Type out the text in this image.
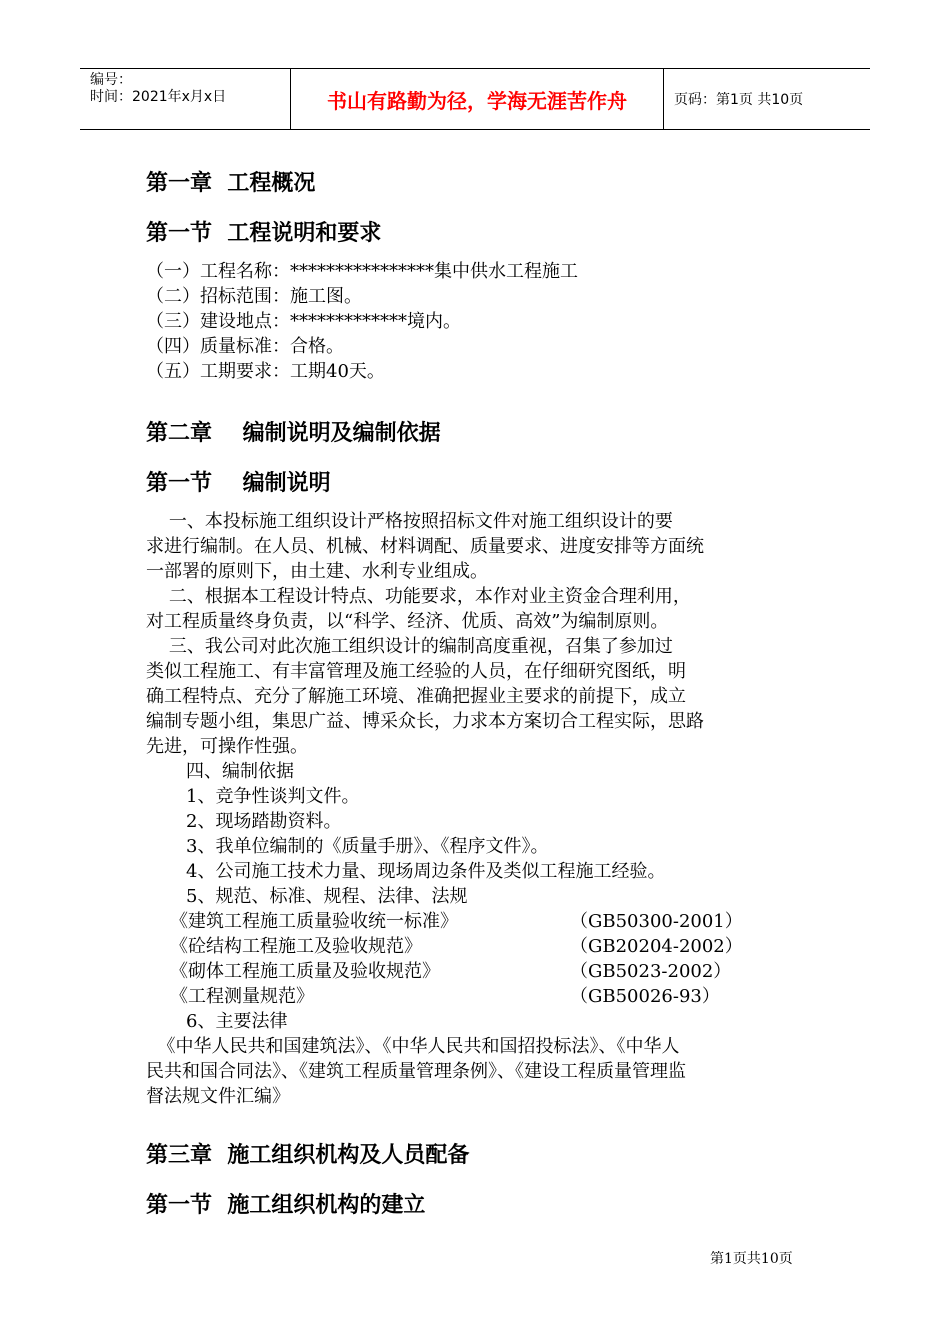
编号：
时间：2021年x月x日	书山有路勤为径，学海无涯苦作舟	页码：第1页 共10页
第一章  工程概况
第一节  工程说明和要求
（一）工程名称：****************集中供水工程施工
（二）招标范围：施工图。
（三）建设地点：*************境内。
（四）质量标准：合格。
（五）工期要求：工期40天。
第二章    编制说明及编制依据
第一节    编制说明
一、本投标施工组织设计严格按照招标文件对施工组织设计的要
求进行编制。在人员、机械、材料调配、质量要求、进度安排等方面统
一部署的原则下，由土建、水利专业组成。
二、根据本工程设计特点、功能要求，本作对业主资金合理利用，
对工程质量终身负责，以“科学、经济、优质、高效”为编制原则。
三、我公司对此次施工组织设计的编制高度重视，召集了参加过
类似工程施工、有丰富管理及施工经验的人员，在仔细研究图纸，明
确工程特点、充分了解施工环境、准确把握业主要求的前提下，成立
编制专题小组，集思广益、博采众长，力求本方案切合工程实际，思路
先进，可操作性强。
四、编制依据
1、竞争性谈判文件。
2、现场踏勘资料。
3、我单位编制的《质量手册》、《程序文件》。
4、公司施工技术力量、现场周边条件及类似工程施工经验。
5、规范、标准、规程、法律、法规
《建筑工程施工质量验收统一标准》	（GB50300-2001）
《砼结构工程施工及验收规范》	（GB20204-2002）
《砌体工程施工质量及验收规范》	（GB5023-2002）
《工程测量规范》	（GB50026-93）
6、主要法律
《中华人民共和国建筑法》、《中华人民共和国招投标法》、《中华人
民共和国合同法》、《建筑工程质量管理条例》、《建设工程质量管理监
督法规文件汇编》
第三章  施工组织机构及人员配备
第一节  施工组织机构的建立
第1页共10页
